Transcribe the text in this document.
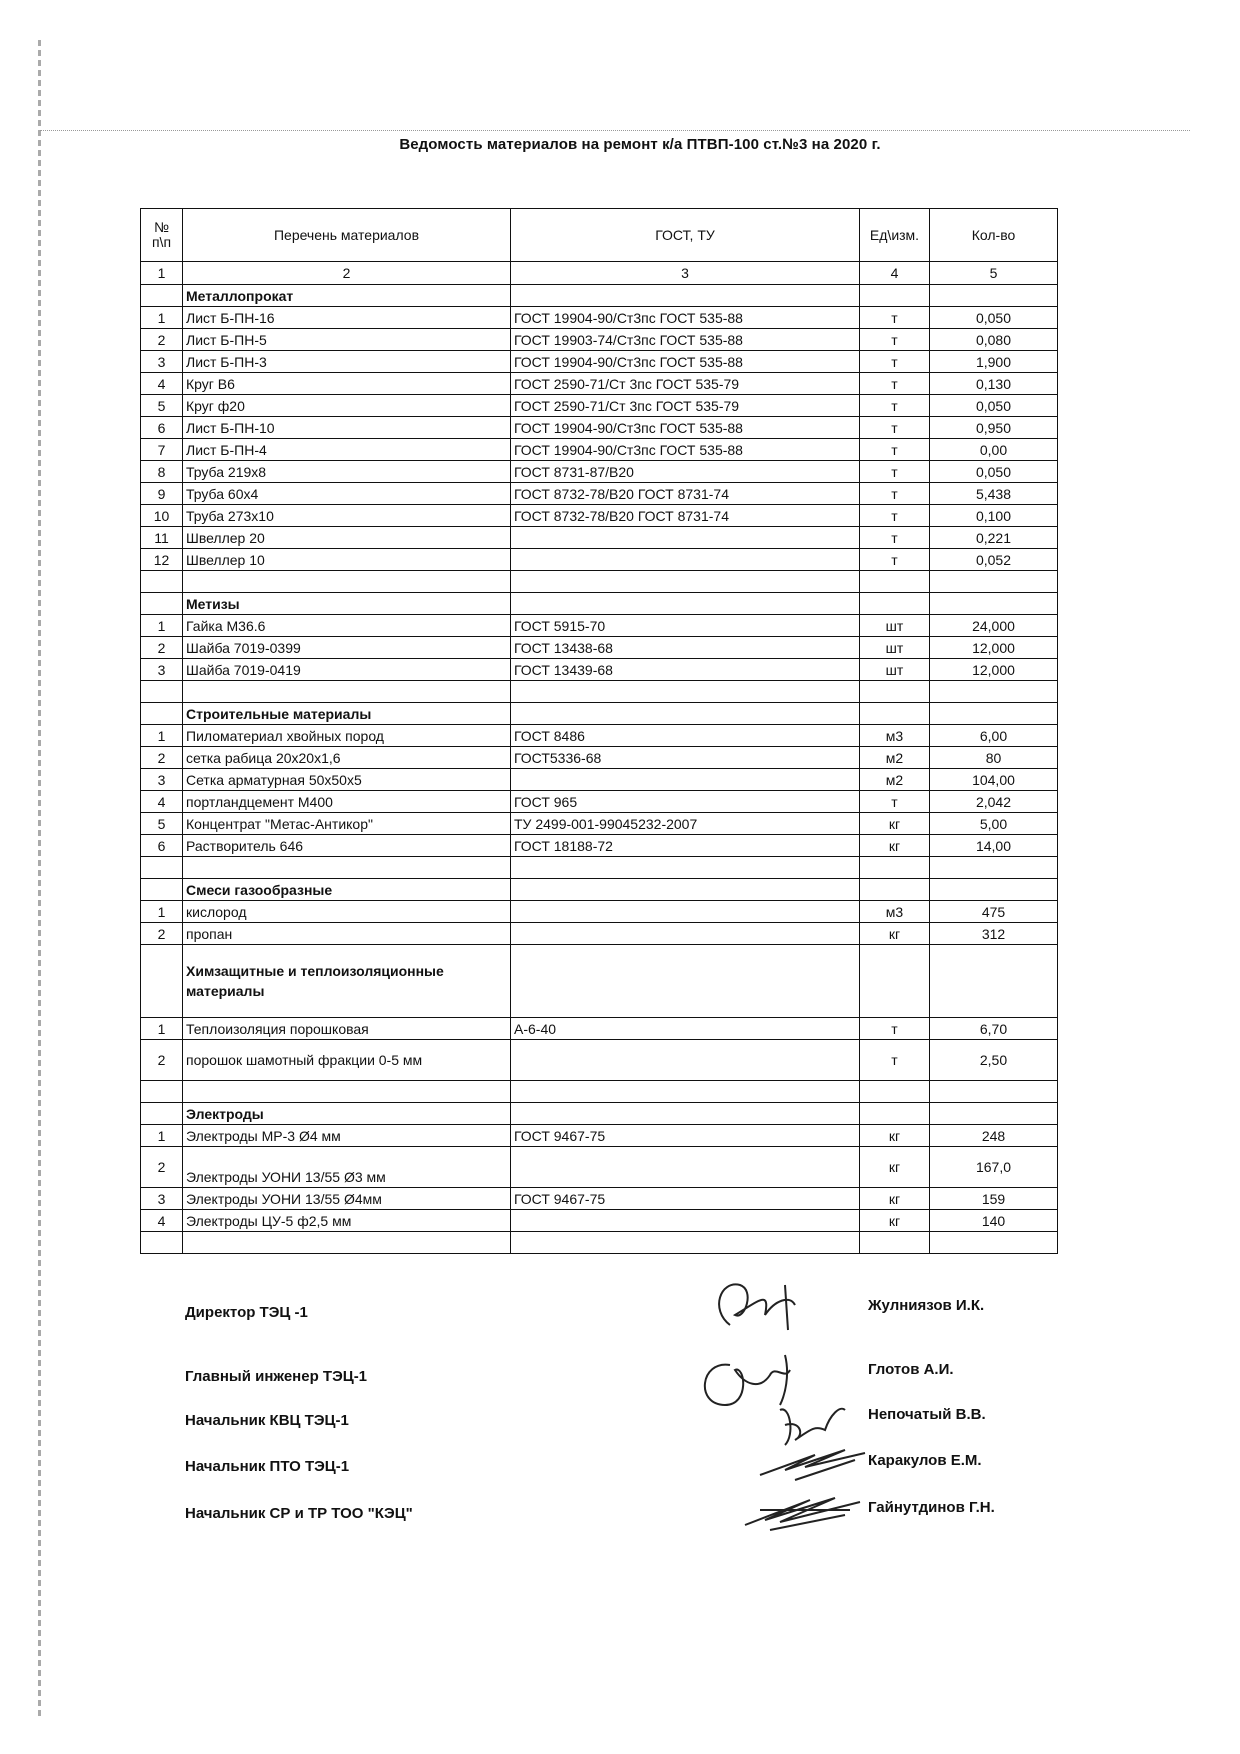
Ведомость материалов на ремонт к/а ПТВП-100 ст.№3 на 2020 г.
№ п\п	Перечень материалов	ГОСТ, ТУ	Ед\изм.	Кол-во
1	2	3	4	5
	Металлопрокат			
1	Лист Б-ПН-16	ГОСТ 19904-90/Ст3пс ГОСТ 535-88	т	0,050
2	Лист Б-ПН-5	ГОСТ 19903-74/Ст3пс ГОСТ 535-88	т	0,080
3	Лист Б-ПН-3	ГОСТ 19904-90/Ст3пс ГОСТ 535-88	т	1,900
4	Круг В6	ГОСТ 2590-71/Ст 3пс ГОСТ 535-79	т	0,130
5	Круг ф20	ГОСТ 2590-71/Ст 3пс ГОСТ 535-79	т	0,050
6	Лист Б-ПН-10	ГОСТ 19904-90/Ст3пс ГОСТ 535-88	т	0,950
7	Лист Б-ПН-4	ГОСТ 19904-90/Ст3пс ГОСТ 535-88	т	0,00
8	Труба 219х8	ГОСТ 8731-87/В20	т	0,050
9	Труба 60х4	ГОСТ 8732-78/В20 ГОСТ 8731-74	т	5,438
10	Труба 273х10	ГОСТ 8732-78/В20 ГОСТ 8731-74	т	0,100
11	Швеллер 20		т	0,221
12	Швеллер 10		т	0,052

	Метизы			
1	Гайка М36.6	ГОСТ 5915-70	шт	24,000
2	Шайба 7019-0399	ГОСТ 13438-68	шт	12,000
3	Шайба 7019-0419	ГОСТ 13439-68	шт	12,000

	Строительные материалы			
1	Пиломатериал хвойных пород	ГОСТ 8486	м3	6,00
2	сетка рабица 20х20х1,6	ГОСТ5336-68	м2	80
3	Сетка арматурная 50х50х5		м2	104,00
4	портландцемент М400	ГОСТ 965	т	2,042
5	Концентрат "Метас-Антикор"	ТУ 2499-001-99045232-2007	кг	5,00
6	Растворитель 646	ГОСТ 18188-72	кг	14,00

	Смеси газообразные			
1	кислород		м3	475
2	пропан		кг	312
	Химзащитные и теплоизоляционные материалы			
1	Теплоизоляция порошковая	А-6-40	т	6,70
2	порошок шамотный фракции 0-5 мм		т	2,50

	Электроды			
1	Электроды МР-3 Ø4 мм	ГОСТ 9467-75	кг	248
2	Электроды УОНИ 13/55 Ø3 мм		кг	167,0
3	Электроды УОНИ 13/55 Ø4мм	ГОСТ 9467-75	кг	159
4	Электроды ЦУ-5 ф2,5 мм		кг	140

Директор ТЭЦ -1	Жулниязов И.К.
Главный инженер ТЭЦ-1	Глотов А.И.
Начальник КВЦ ТЭЦ-1	Непочатый В.В.
Начальник ПТО ТЭЦ-1	Каракулов Е.М.
Начальник СР и ТР ТОО "КЭЦ"	Гайнутдинов Г.Н.
